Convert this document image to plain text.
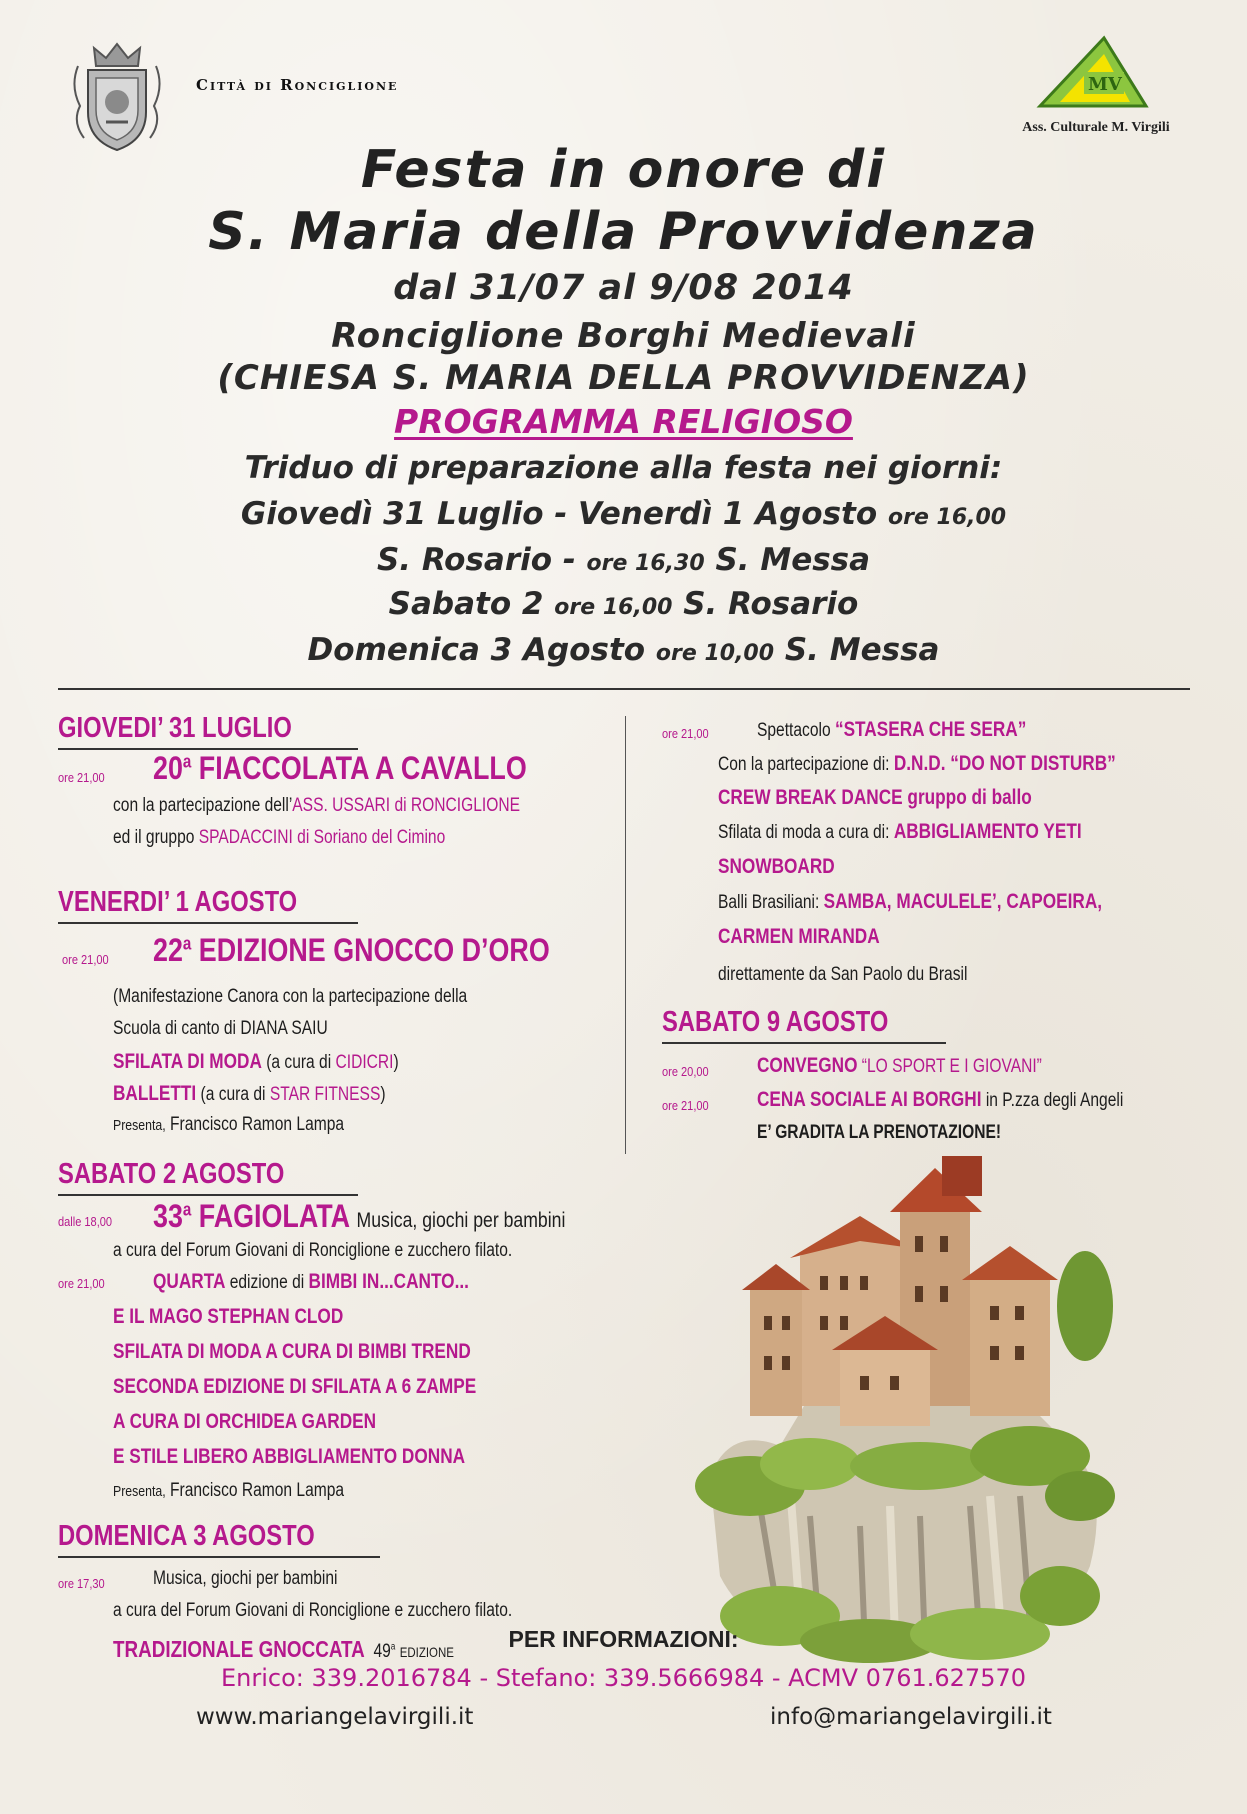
Città di Ronciglione	MV
Ass. Culturale M. Virgili
Festa in onore di
S. Maria della Provvidenza
dal 31/07 al 9/08 2014
Ronciglione Borghi Medievali
(CHIESA S. MARIA DELLA PROVVIDENZA)
PROGRAMMA RELIGIOSO
Triduo di preparazione alla festa nei giorni:
Giovedì 31 Luglio - Venerdì 1 Agosto ore 16,00
S. Rosario - ore 16,30 S. Messa
Sabato 2 ore 16,00 S. Rosario
Domenica 3 Agosto ore 10,00 S. Messa
GIOVEDI’ 31 LUGLIO
ore 21,00 20$^a$ FIACCOLATA A CAVALLO
con la partecipazione dell’ASS. USSARI di RONCIGLIONE
ed il gruppo SPADACCINI di Soriano del Cimino
VENERDI’ 1 AGOSTO
ore 21,00 22$^a$ EDIZIONE GNOCCO D’ORO
(Manifestazione Canora con la partecipazione della
Scuola di canto di DIANA SAIU
SFILATA DI MODA (a cura di CIDICRI)
BALLETTI (a cura di STAR FITNESS)
Presenta, Francisco Ramon Lampa
SABATO 2 AGOSTO
dalle 18,00 33$^a$ FAGIOLATA Musica, giochi per bambini
a cura del Forum Giovani di Ronciglione e zucchero filato.
ore 21,00 QUARTA edizione di BIMBI IN...CANTO...
E IL MAGO STEPHAN CLOD
SFILATA DI MODA A CURA DI BIMBI TREND
SECONDA EDIZIONE DI SFILATA A 6 ZAMPE
A CURA DI ORCHIDEA GARDEN
E STILE LIBERO ABBIGLIAMENTO DONNA
Presenta, Francisco Ramon Lampa
DOMENICA 3 AGOSTO
ore 17,30	Musica, giochi per bambini
a cura del Forum Giovani di Ronciglione e zucchero filato.
TRADIZIONALE GNOCCATA 49$^a$ EDIZIONE
ore 21,00	Spettacolo “STASERA CHE SERA”
Con la partecipazione di: D.N.D. “DO NOT DISTURB”
CREW BREAK DANCE gruppo di ballo
Sfilata di moda a cura di: ABBIGLIAMENTO YETI
SNOWBOARD
Balli Brasiliani: SAMBA, MACULELE’, CAPOEIRA,
CARMEN MIRANDA
direttamente da San Paolo du Brasil
SABATO 9 AGOSTO
ore 20,00 CONVEGNO “LO SPORT E I GIOVANI”
ore 21,00 CENA SOCIALE AI BORGHI in P.zza degli Angeli
E’ GRADITA LA PRENOTAZIONE!
PER INFORMAZIONI:
Enrico: 339.2016784 - Stefano: 339.5666984 - ACMV 0761.627570
www.mariangelavirgili.it	info@mariangelavirgili.it
